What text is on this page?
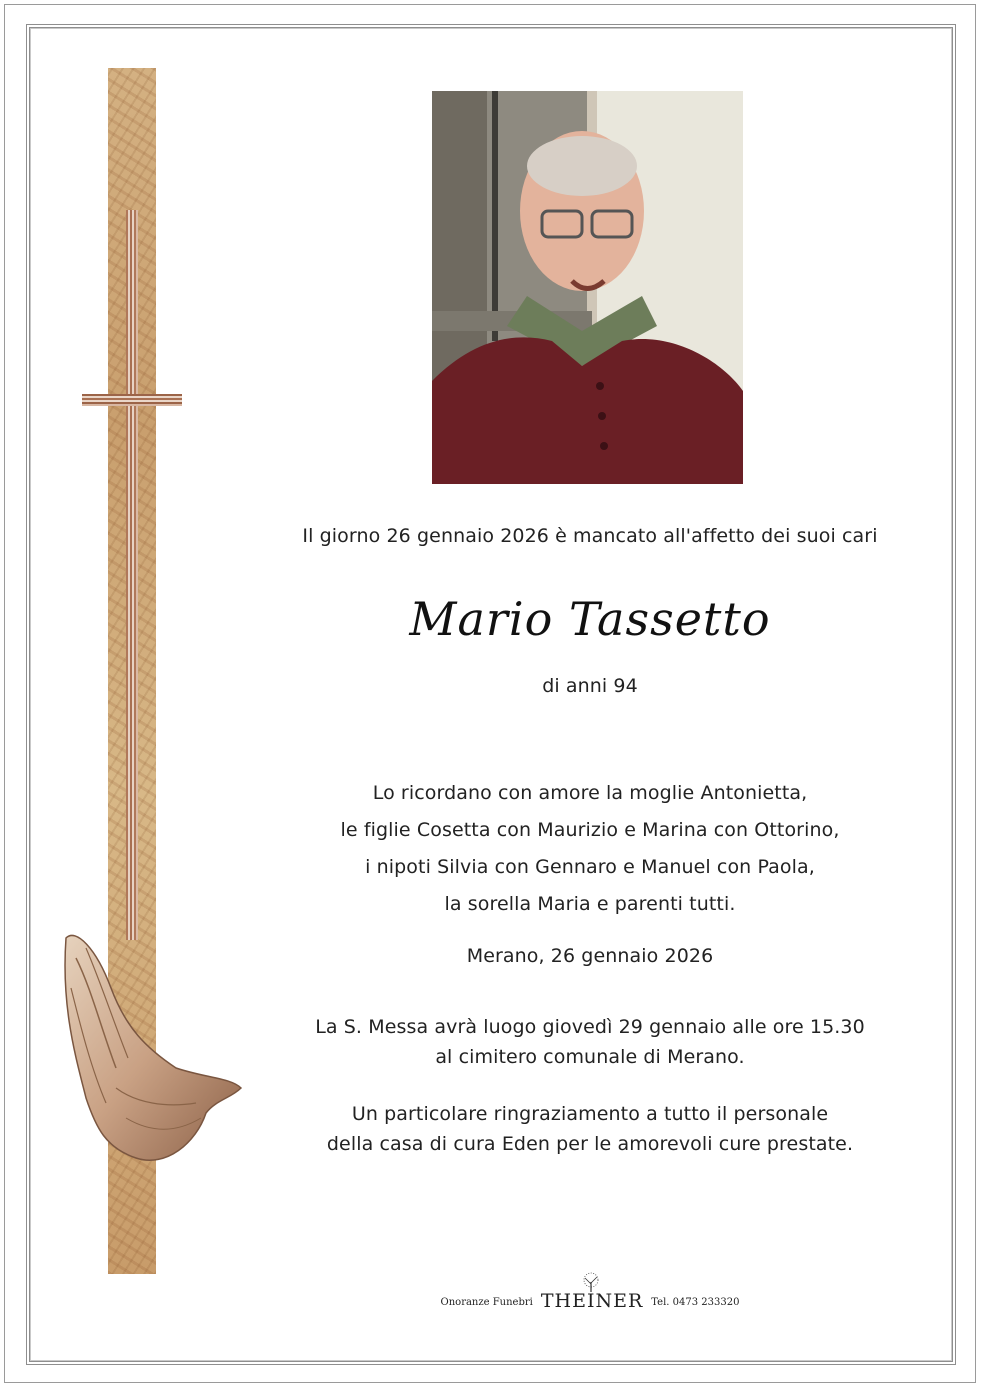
Il giorno 26 gennaio 2026 è mancato all'affetto dei suoi cari
Mario Tassetto
di anni 94
Lo ricordano con amore la moglie Antonietta,
le figlie Cosetta con Maurizio e Marina con Ottorino,
i nipoti Silvia con Gennaro e Manuel con Paola,
la sorella Maria e parenti tutti.
Merano, 26 gennaio 2026
La S. Messa avrà luogo giovedì 29 gennaio alle ore 15.30
al cimitero comunale di Merano.
Un particolare ringraziamento a tutto il personale
della casa di cura Eden per le amorevoli cure prestate.
Onoranze Funebri THEINER Tel. 0473 233320
